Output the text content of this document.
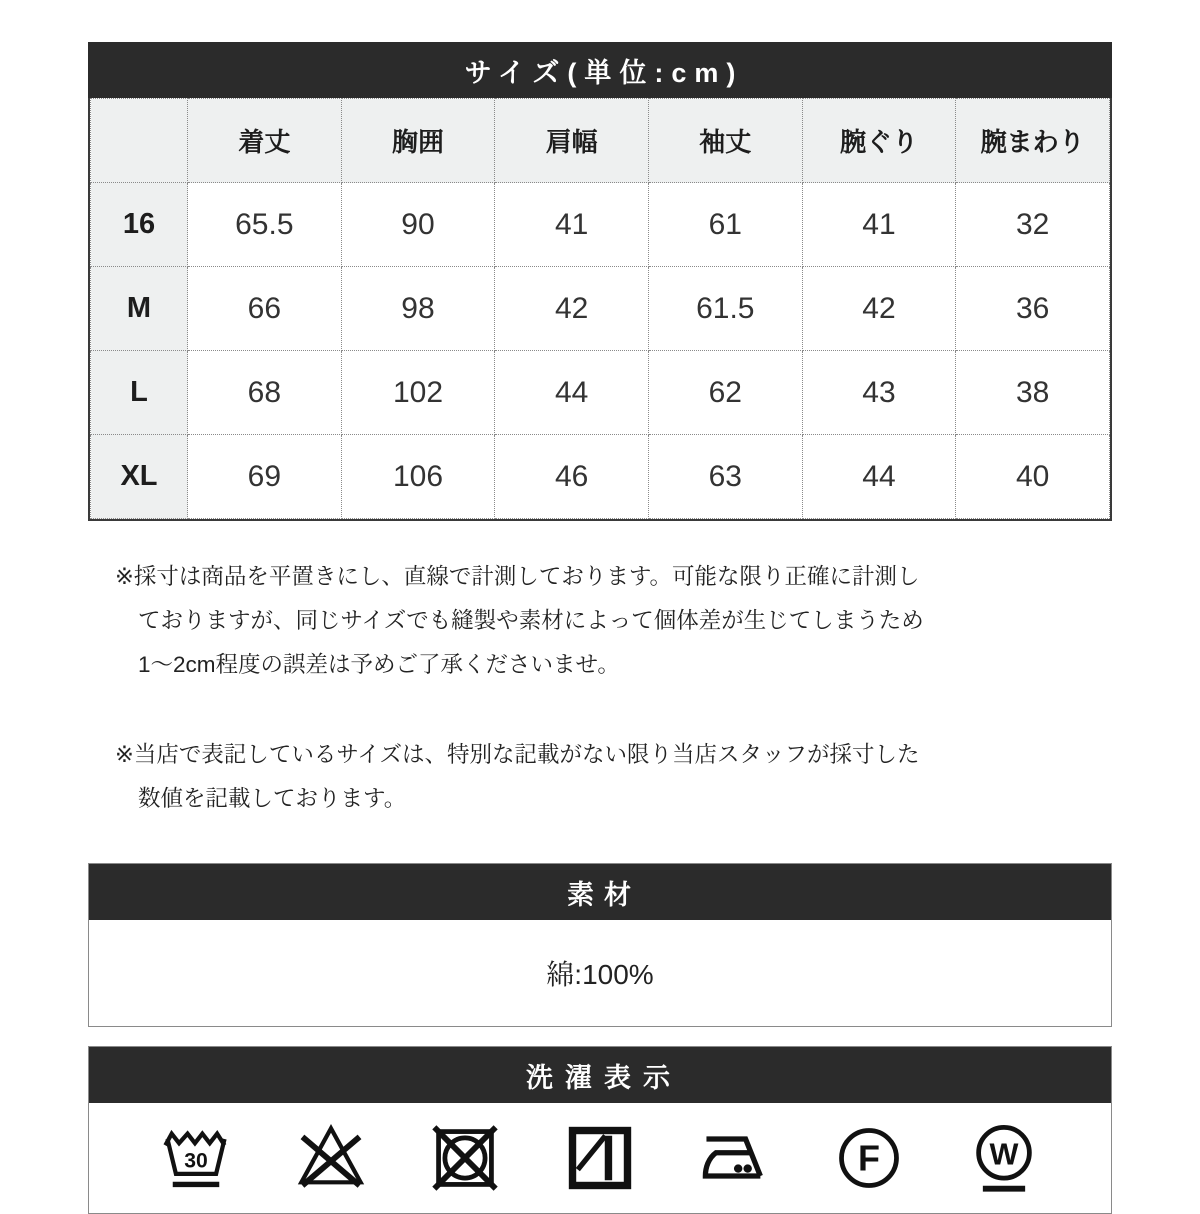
サイズ(単位:cm)
	着丈	胸囲	肩幅	袖丈	腕ぐり	腕まわり
16	65.5	90	41	61	41	32
M	66	98	42	61.5	42	36
L	68	102	44	62	43	38
XL	69	106	46	63	44	40
※採寸は商品を平置きにし、直線で計測しております。可能な限り正確に計測し
ておりますが、同じサイズでも縫製や素材によって個体差が生じてしまうため
1〜2cm程度の誤差は予めご了承くださいませ。
※当店で表記しているサイズは、特別な記載がない限り当店スタッフが採寸した
数値を記載しております。
素材
綿:100%
洗濯表示
30	F	W
